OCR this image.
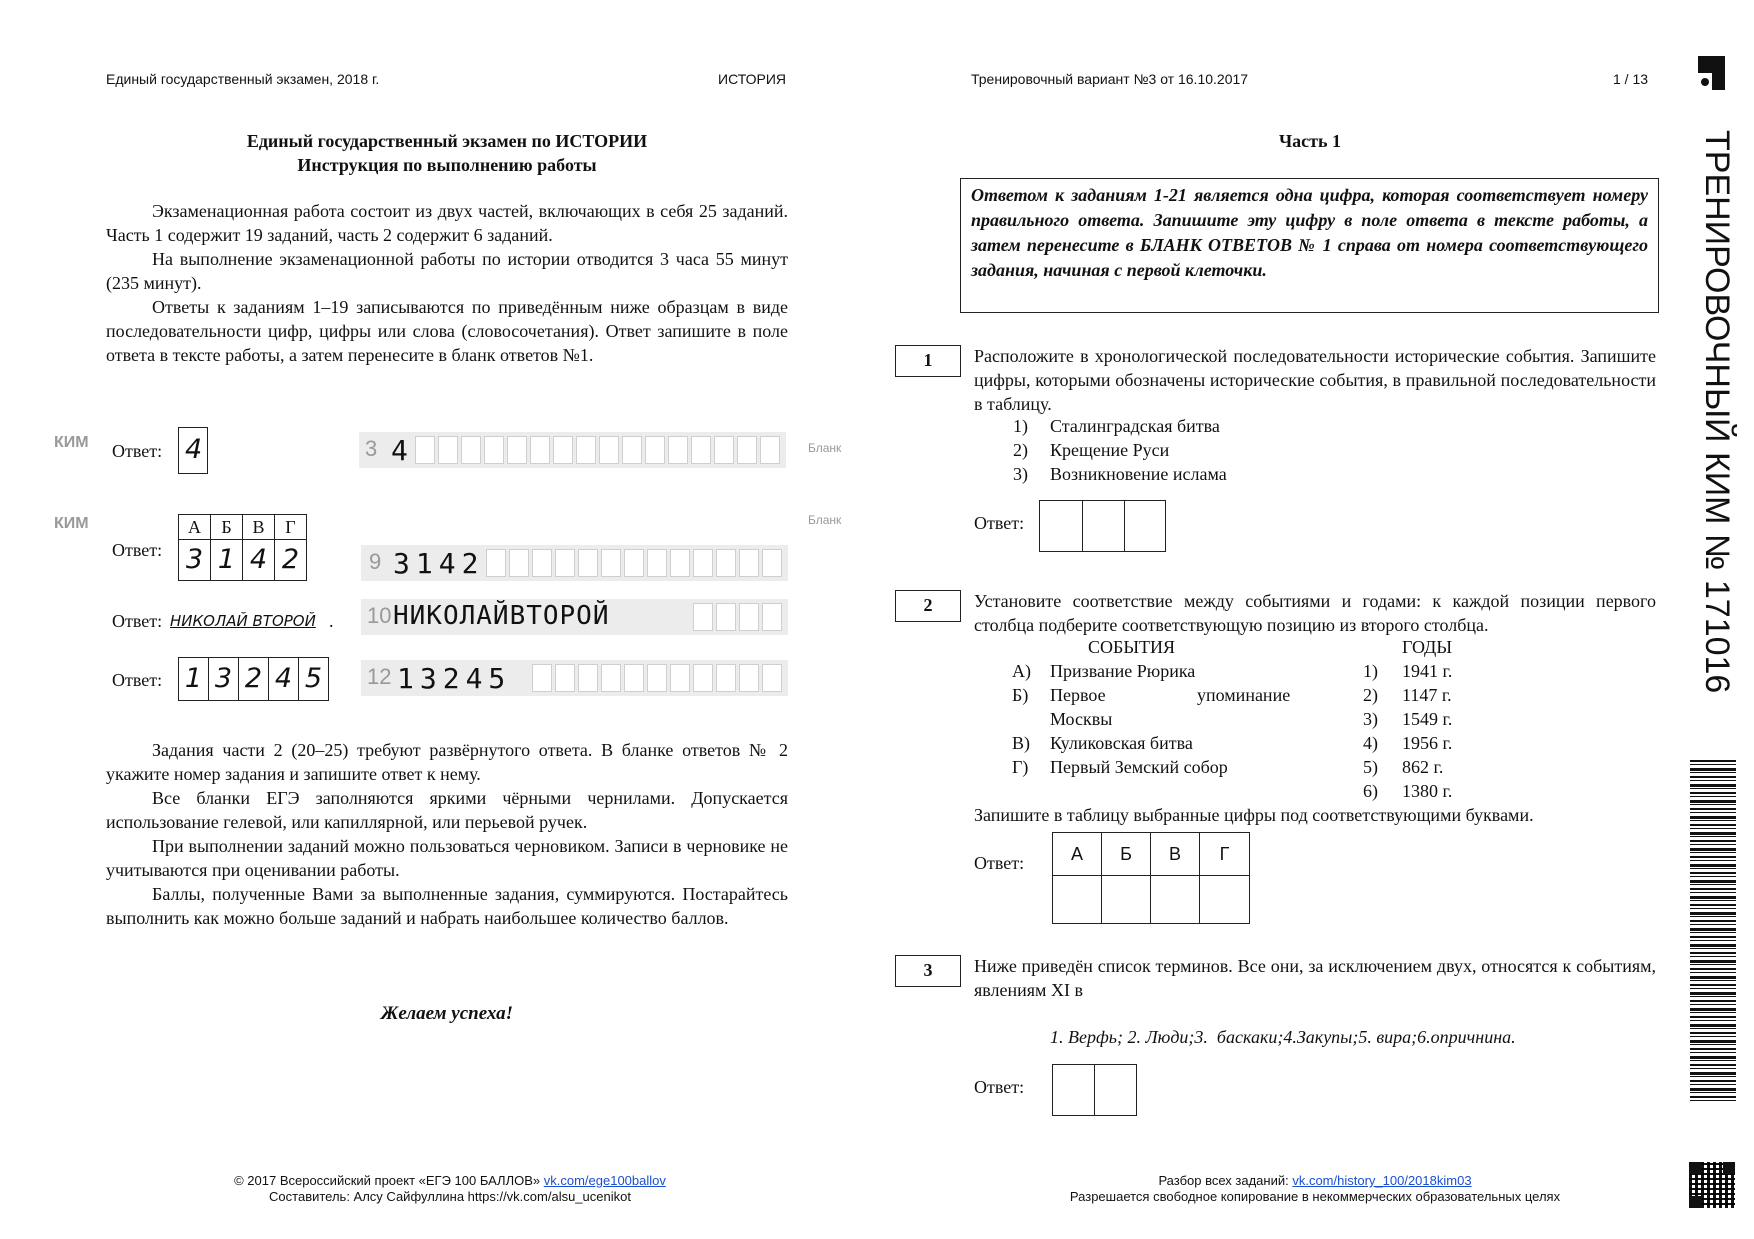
Единый государственный экзамен, 2018 г.	ИСТОРИЯ	Тренировочный вариант №3 от 16.10.2017	1 / 13
Единый государственный экзамен по ИСТОРИИ
Инструкция по выполнению работы

Экзаменационная работа состоит из двух частей, включающих в себя 25 заданий. Часть 1 содержит 19 заданий, часть 2 содержит 6 заданий.

На выполнение экзаменационной работы по истории отводится 3 часа 55 минут (235 минут).

Ответы к заданиям 1–19 записываются по приведённым ниже образцам в виде последовательности цифр, цифры или слова (словосочетания). Ответ запишите в поле ответа в тексте работы, а затем перенесите в бланк ответов №1.

КИМ Ответ: 4	3 4	Бланк
КИМ	Бланк
Ответ:
А	Б	В	Г
3 1 4 2	9 3142
Ответ: НИКОЛАЙ ВТОРОЙ . 10 НИКОЛАЙВТОРОЙ
Ответ: 1 3 2 4 5	12 13245

Задания части 2 (20–25) требуют развёрнутого ответа. В бланке ответов № 2 укажите номер задания и запишите ответ к нему.

Все бланки ЕГЭ заполняются яркими чёрными чернилами. Допускается использование гелевой, или капиллярной, или перьевой ручек.

При выполнении заданий можно пользоваться черновиком. Записи в черновике не учитываются при оценивании работы.

Баллы, полученные Вами за выполненные задания, суммируются. Постарайтесь выполнить как можно больше заданий и набрать наибольшее количество баллов.

Желаем успеха!
Часть 1
Ответом к заданиям 1-21 является одна цифра, которая соответствует номеру правильного ответа. Запишите эту цифру в поле ответа в тексте работы, а затем перенесите в БЛАНК ОТВЕТОВ № 1 справа от номера соответствующего задания, начиная с первой клеточки.
1	Расположите в хронологической последовательности исторические события. Запишите цифры, которыми обозначены исторические события, в правильной последовательности в таблицу.
1) Сталинградская битва
2) Крещение Руси
3) Возникновение ислама
Ответ:
2	Установите соответствие между событиями и годами: к каждой позиции первого столбца подберите соответствующую позицию из второго столбца.
СОБЫТИЯ	ГОДЫ
А) Призвание Рюрика
Б) Первое	упоминание
Москвы
В) Куликовская битва
Г) Первый Земский собор
1) 1941 г.
2) 1147 г.
3) 1549 г.
4) 1956 г.
5) 862 г.
6) 1380 г.
Запишите в таблицу выбранные цифры под соответствующими буквами.
Ответ:	А	Б	В	Г
3	Ниже приведён список терминов. Все они, за исключением двух, относятся к событиям, явлениям XI в
1. Верфь; 2. Люди;3.  баскаки;4.Закупы;5. вира;6.опричнина.
Ответ:
ТРЕНИРОВОЧНЫЙ КИМ № 171016
© 2017 Всероссийский проект «ЕГЭ 100 БАЛЛОВ» vk.com/ege100ballov
Составитель: Алсу Сайфуллина https://vk.com/alsu_ucenikot
Разбор всех заданий: vk.com/history_100/2018kim03
Разрешается свободное копирование в некоммерческих образовательных целях
